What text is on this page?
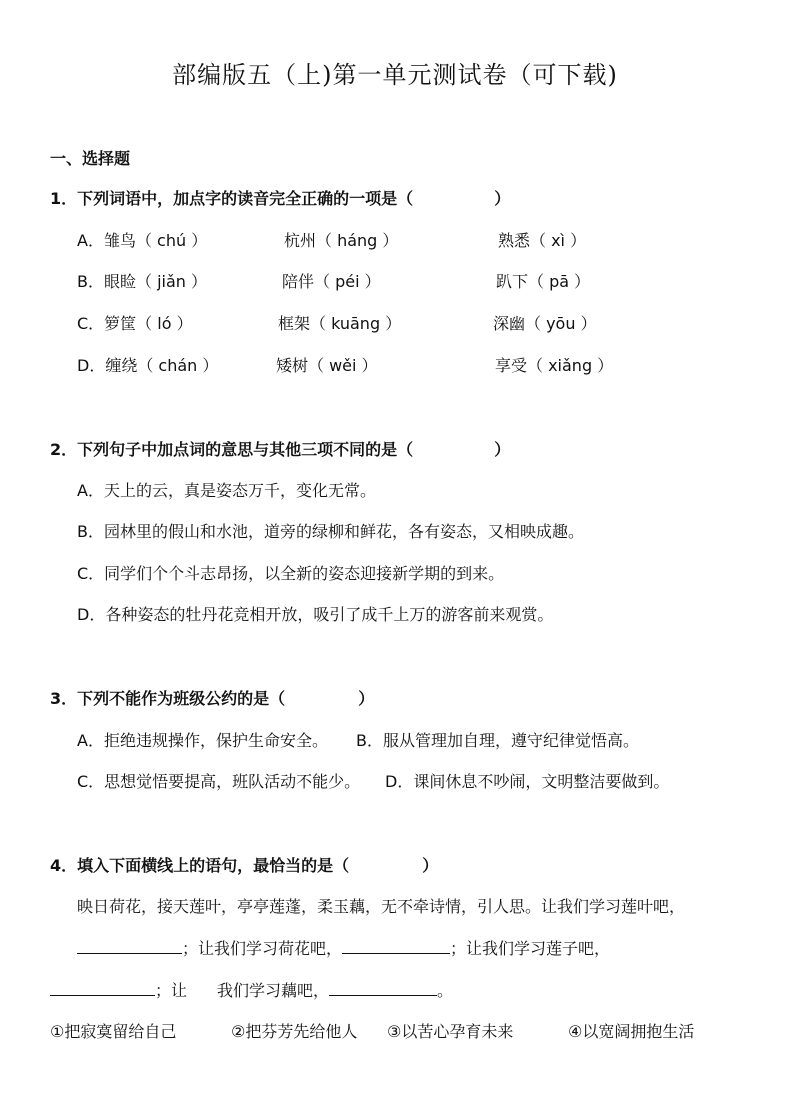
部编版五（上)第一单元测试卷（可下载)
一、选择题
1．下列词语中，加点字的读音完全正确的一项是（	）
A．雏鸟（ chú ）	杭州（ háng ）	熟悉（ xì ）
B．眼睑（ jiǎn ）	陪伴（ péi ）	趴下（ pā ）
C．箩筐（ ló ）	框架（ kuāng ）	深幽（ yōu ）
D．缠绕（ chán ）	矮树（ wěi ）	享受（ xiǎng ）
2．下列句子中加点词的意思与其他三项不同的是（	）
A．天上的云，真是姿态万千，变化无常。
B．园林里的假山和水池，道旁的绿柳和鲜花，各有姿态，又相映成趣。
C．同学们个个斗志昂扬，以全新的姿态迎接新学期的到来。
D．各种姿态的牡丹花竞相开放，吸引了成千上万的游客前来观赏。
3．下列不能作为班级公约的是（	）
A．拒绝违规操作，保护生命安全。 B．服从管理加自理，遵守纪律觉悟高。
C．思想觉悟要提高，班队活动不能少。 D．课间休息不吵闹，文明整洁要做到。
4．填入下面横线上的语句，最恰当的是（	）
映日荷花，接天莲叶，亭亭莲蓬，柔玉藕，无不牵诗情，引人思。让我们学习莲叶吧，
；让我们学习荷花吧，	；让我们学习莲子吧，
；让 我们学习藕吧，	。
①把寂寞留给自己	②把芬芳先给他人 ③以苦心孕育未来	④以宽阔拥抱生活
